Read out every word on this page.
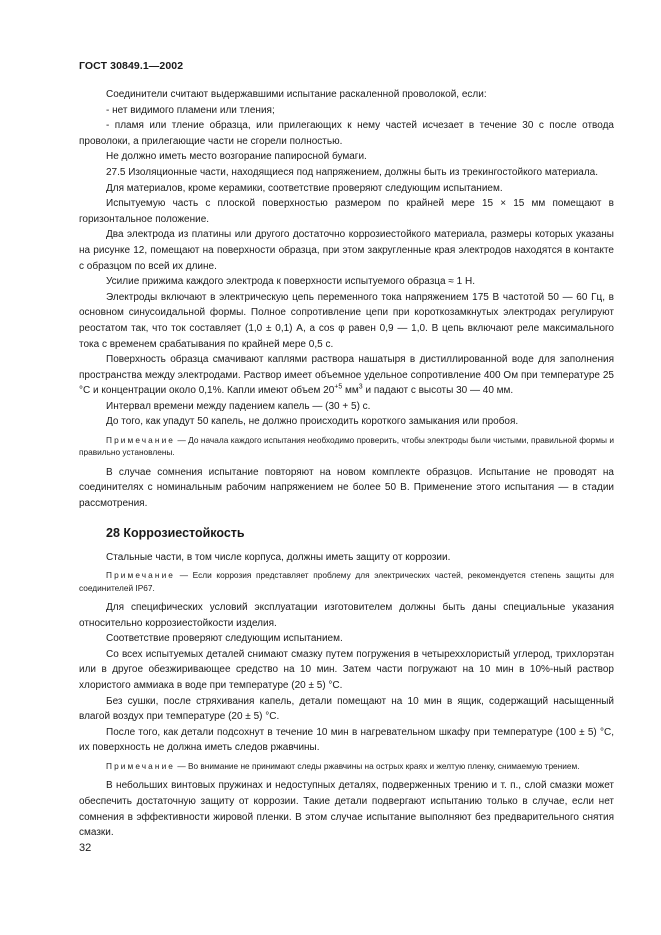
ГОСТ 30849.1—2002

Соединители считают выдержавшими испытание раскаленной проволокой, если:

- нет видимого пламени или тления;

- пламя или тление образца, или прилегающих к нему частей исчезает в течение 30 с после отвода проволоки, а прилегающие части не сгорели полностью.

Не должно иметь место возгорание папиросной бумаги.

27.5 Изоляционные части, находящиеся под напряжением, должны быть из трекингостойкого материала.

Для материалов, кроме керамики, соответствие проверяют следующим испытанием.

Испытуемую часть с плоской поверхностью размером по крайней мере 15 × 15 мм помещают в горизонтальное положение.

Два электрода из платины или другого достаточно коррозиестойкого материала, размеры которых указаны на рисунке 12, помещают на поверхности образца, при этом закругленные края электродов находятся в контакте с образцом по всей их длине.

Усилие прижима каждого электрода к поверхности испытуемого образца ≈ 1 Н.

Электроды включают в электрическую цепь переменного тока напряжением 175 В частотой 50 — 60 Гц, в основном синусоидальной формы. Полное сопротивление цепи при короткозамкнутых электродах регулируют реостатом так, что ток составляет (1,0 ± 0,1) А, а cos φ равен 0,9 — 1,0. В цепь включают реле максимального тока с временем срабатывания по крайней мере 0,5 с.

Поверхность образца смачивают каплями раствора нашатыря в дистиллированной воде для заполнения пространства между электродами. Раствор имеет объемное удельное сопротивление 400 Ом при температуре 25 °С и концентрации около 0,1%. Капли имеют объем $20^{+5}$ $мм^3$ и падают с высоты 30 — 40 мм.

Интервал времени между падением капель — (30 + 5) с.

До того, как упадут 50 капель, не должно происходить короткого замыкания или пробоя.

Примечание — До начала каждого испытания необходимо проверить, чтобы электроды были чистыми, правильной формы и правильно установлены.

В случае сомнения испытание повторяют на новом комплекте образцов. Испытание не проводят на соединителях с номинальным рабочим напряжением не более 50 В. Применение этого испытания — в стадии рассмотрения.

28 Коррозиестойкость

Стальные части, в том числе корпуса, должны иметь защиту от коррозии.

Примечание — Если коррозия представляет проблему для электрических частей, рекомендуется степень защиты для соединителей IP67.

Для специфических условий эксплуатации изготовителем должны быть даны специальные указания относительно коррозиестойкости изделия.

Соответствие проверяют следующим испытанием.

Со всех испытуемых деталей снимают смазку путем погружения в четыреххлористый углерод, трихлорэтан или в другое обезжиривающее средство на 10 мин. Затем части погружают на 10 мин в 10%-ный раствор хлористого аммиака в воде при температуре (20 ± 5) °С.

Без сушки, после стряхивания капель, детали помещают на 10 мин в ящик, содержащий насыщенный влагой воздух при температуре (20 ± 5) °С.

После того, как детали подсохнут в течение 10 мин в нагревательном шкафу при температуре (100 ± 5) °С, их поверхность не должна иметь следов ржавчины.

Примечание — Во внимание не принимают следы ржавчины на острых краях и желтую пленку, снимаемую трением.

В небольших винтовых пружинах и недоступных деталях, подверженных трению и т. п., слой смазки может обеспечить достаточную защиту от коррозии. Такие детали подвергают испытанию только в случае, если нет сомнения в эффективности жировой пленки. В этом случае испытание выполняют без предварительного снятия смазки.

32
